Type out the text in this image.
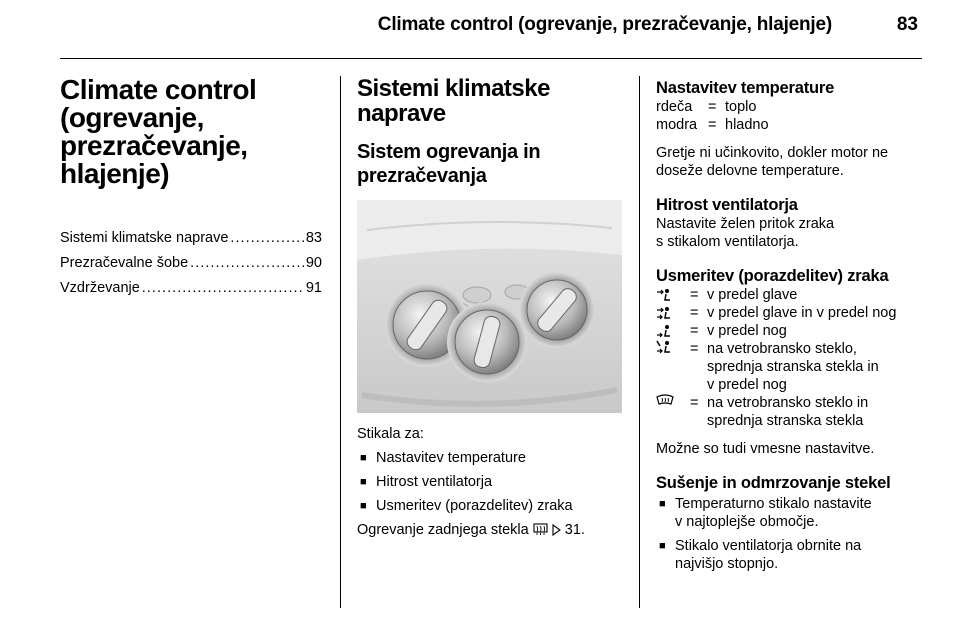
Climate control (ogrevanje, prezračevanje, hlajenje)	83
Climate control
(ogrevanje,
prezračevanje,
hlajenje)
Sistemi klimatske naprave . . .	83
Prezračevalne šobe . . .	90
Vzdrževanje . . .	91
Sistemi klimatske
naprave
Sistem ogrevanja in
prezračevanja
Stikala za:
■ Nastavitev temperature
■ Hitrost ventilatorja
■ Usmeritev (porazdelitev) zraka
Ogrevanje zadnjega stekla 31.
Nastavitev temperature
rdeča	= toplo
modra = hladno
Gretje ni učinkovito, dokler motor ne
doseže delovne temperature.
Hitrost ventilatorja
Nastavite želen pritok zraka
s stikalom ventilatorja.
Usmeritev (porazdelitev) zraka
= v predel glave
= v predel glave in v predel nog
= v predel nog
= na vetrobransko steklo,
sprednja stranska stekla in
v predel nog
= na vetrobransko steklo in
sprednja stranska stekla
Možne so tudi vmesne nastavitve.
Sušenje in odmrzovanje stekel
■ Temperaturno stikalo nastavite
v najtoplejše območje.
■ Stikalo ventilatorja obrnite na
najvišjo stopnjo.
